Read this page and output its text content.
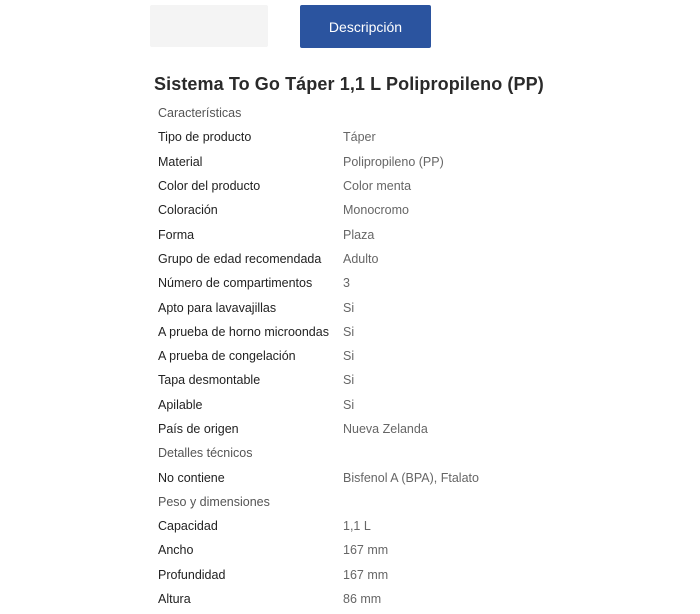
Descripción
Sistema To Go Táper 1,1 L Polipropileno (PP)
Características
Tipo de producto	Táper
Material	Polipropileno (PP)
Color del producto	Color menta
Coloración	Monocromo
Forma	Plaza
Grupo de edad recomendada	Adulto
Número de compartimentos	3
Apto para lavavajillas	Si
A prueba de horno microondas	Si
A prueba de congelación	Si
Tapa desmontable	Si
Apilable	Si
País de origen	Nueva Zelanda
Detalles técnicos
No contiene	Bisfenol A (BPA), Ftalato
Peso y dimensiones
Capacidad	1,1 L
Ancho	167 mm
Profundidad	167 mm
Altura	86 mm
